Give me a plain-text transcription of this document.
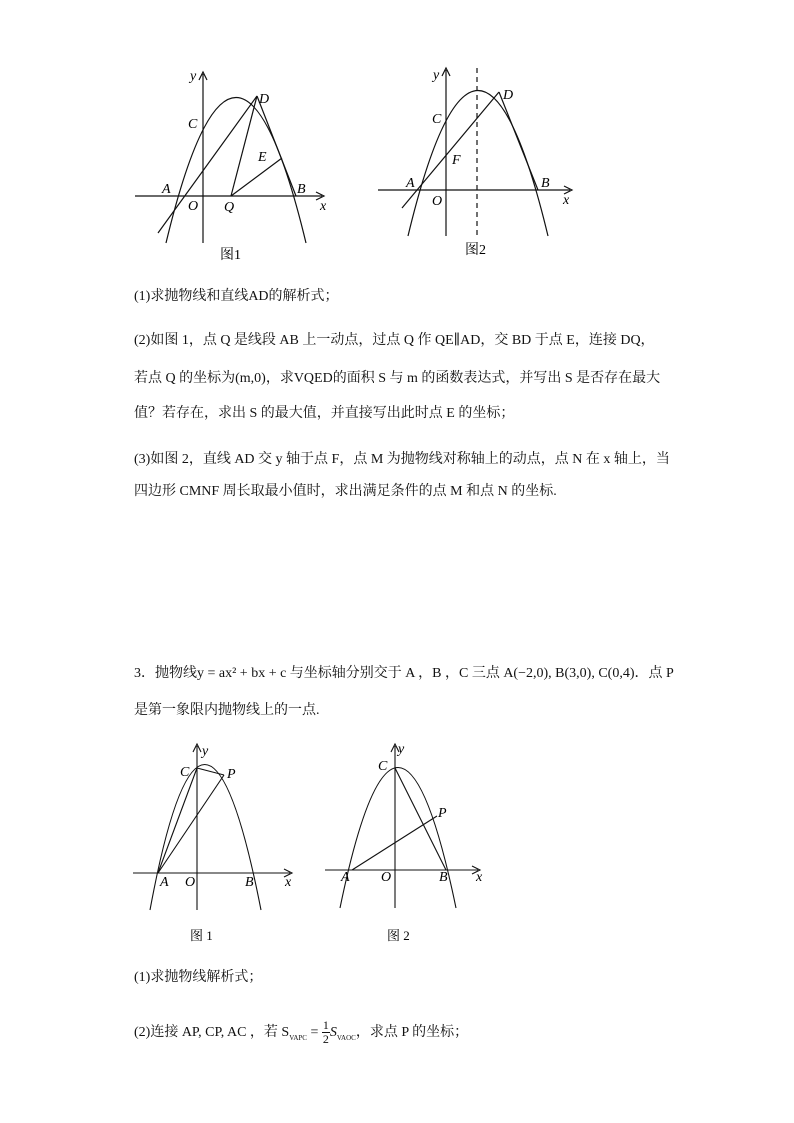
y
C
D
E
A
O Q
B
x
图1
y
C
D
F
A
O
B
x
图2
y
C	P
A O	B x
图 1
y
C
P
A O	B x
图 2
(1)求抛物线和直线AD的解析式；
(2)如图 1，点 Q 是线段 AB 上一动点，过点 Q 作 QE∥AD，交 BD 于点 E，连接 DQ，
若点 Q 的坐标为(m,0)，求VQED的面积 S 与 m 的函数表达式，并写出 S 是否存在最大
值？若存在，求出 S 的最大值，并直接写出此时点 E 的坐标；
(3)如图 2，直线 AD 交 y 轴于点 F，点 M 为抛物线对称轴上的动点，点 N 在 x 轴上，当
四边形 CMNF 周长取最小值时，求出满足条件的点 M 和点 N 的坐标.
3．抛物线y = ax² + bx + c 与坐标轴分别交于 A ，B ，C 三点 A(−2,0), B(3,0), C(0,4)．点 P
是第一象限内抛物线上的一点.
(1)求抛物线解析式；
(2)连接 AP, CP, AC ，若 $S_{VAPC} = \frac{1}{2} S_{VAOC}$，求点 P 的坐标；
